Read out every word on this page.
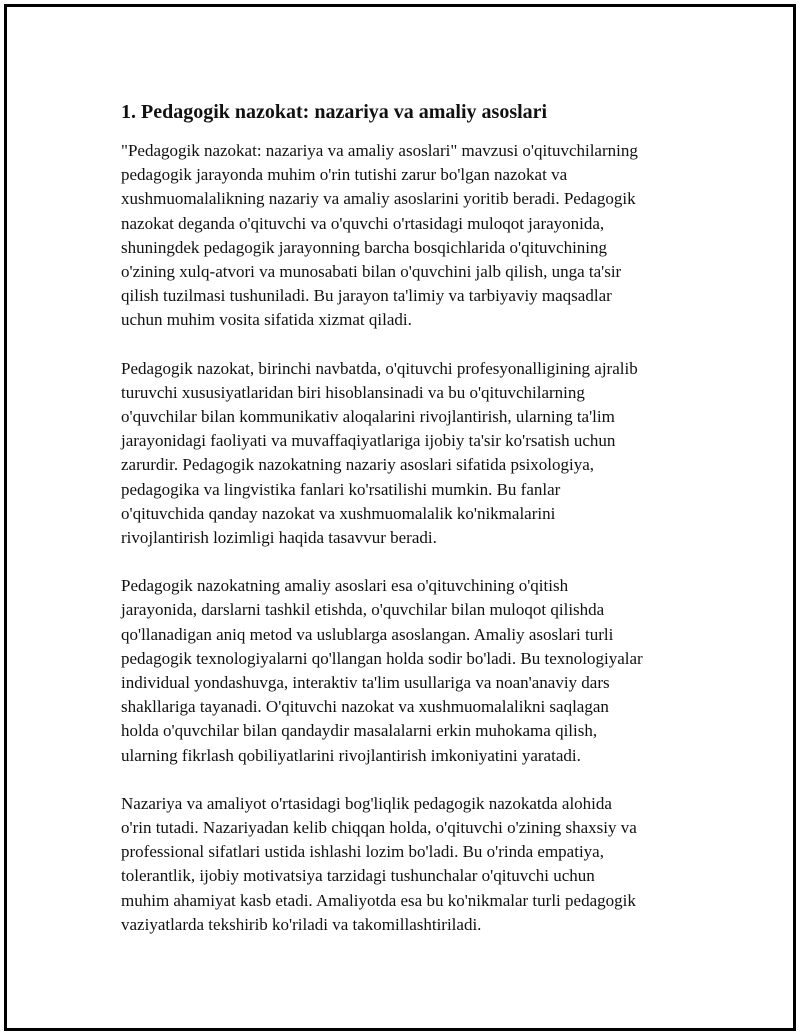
1. Pedagogik nazokat: nazariya va amaliy asoslari

"Pedagogik nazokat: nazariya va amaliy asoslari" mavzusi o'qituvchilarning
pedagogik jarayonda muhim o'rin tutishi zarur bo'lgan nazokat va
xushmuomalalikning nazariy va amaliy asoslarini yoritib beradi. Pedagogik
nazokat deganda o'qituvchi va o'quvchi o'rtasidagi muloqot jarayonida,
shuningdek pedagogik jarayonning barcha bosqichlarida o'qituvchining
o'zining xulq-atvori va munosabati bilan o'quvchini jalb qilish, unga ta'sir
qilish tuzilmasi tushuniladi. Bu jarayon ta'limiy va tarbiyaviy maqsadlar
uchun muhim vosita sifatida xizmat qiladi.

Pedagogik nazokat, birinchi navbatda, o'qituvchi profesyonalligining ajralib
turuvchi xususiyatlaridan biri hisoblansinadi va bu o'qituvchilarning
o'quvchilar bilan kommunikativ aloqalarini rivojlantirish, ularning ta'lim
jarayonidagi faoliyati va muvaffaqiyatlariga ijobiy ta'sir ko'rsatish uchun
zarurdir. Pedagogik nazokatning nazariy asoslari sifatida psixologiya,
pedagogika va lingvistika fanlari ko'rsatilishi mumkin. Bu fanlar
o'qituvchida qanday nazokat va xushmuomalalik ko'nikmalarini
rivojlantirish lozimligi haqida tasavvur beradi.

Pedagogik nazokatning amaliy asoslari esa o'qituvchining o'qitish
jarayonida, darslarni tashkil etishda, o'quvchilar bilan muloqot qilishda
qo'llanadigan aniq metod va uslublarga asoslangan. Amaliy asoslari turli
pedagogik texnologiyalarni qo'llangan holda sodir bo'ladi. Bu texnologiyalar
individual yondashuvga, interaktiv ta'lim usullariga va noan'anaviy dars
shakllariga tayanadi. O'qituvchi nazokat va xushmuomalalikni saqlagan
holda o'quvchilar bilan qandaydir masalalarni erkin muhokama qilish,
ularning fikrlash qobiliyatlarini rivojlantirish imkoniyatini yaratadi.

Nazariya va amaliyot o'rtasidagi bog'liqlik pedagogik nazokatda alohida
o'rin tutadi. Nazariyadan kelib chiqqan holda, o'qituvchi o'zining shaxsiy va
professional sifatlari ustida ishlashi lozim bo'ladi. Bu o'rinda empatiya,
tolerantlik, ijobiy motivatsiya tarzidagi tushunchalar o'qituvchi uchun
muhim ahamiyat kasb etadi. Amaliyotda esa bu ko'nikmalar turli pedagogik
vaziyatlarda tekshirib ko'riladi va takomillashtiriladi.
